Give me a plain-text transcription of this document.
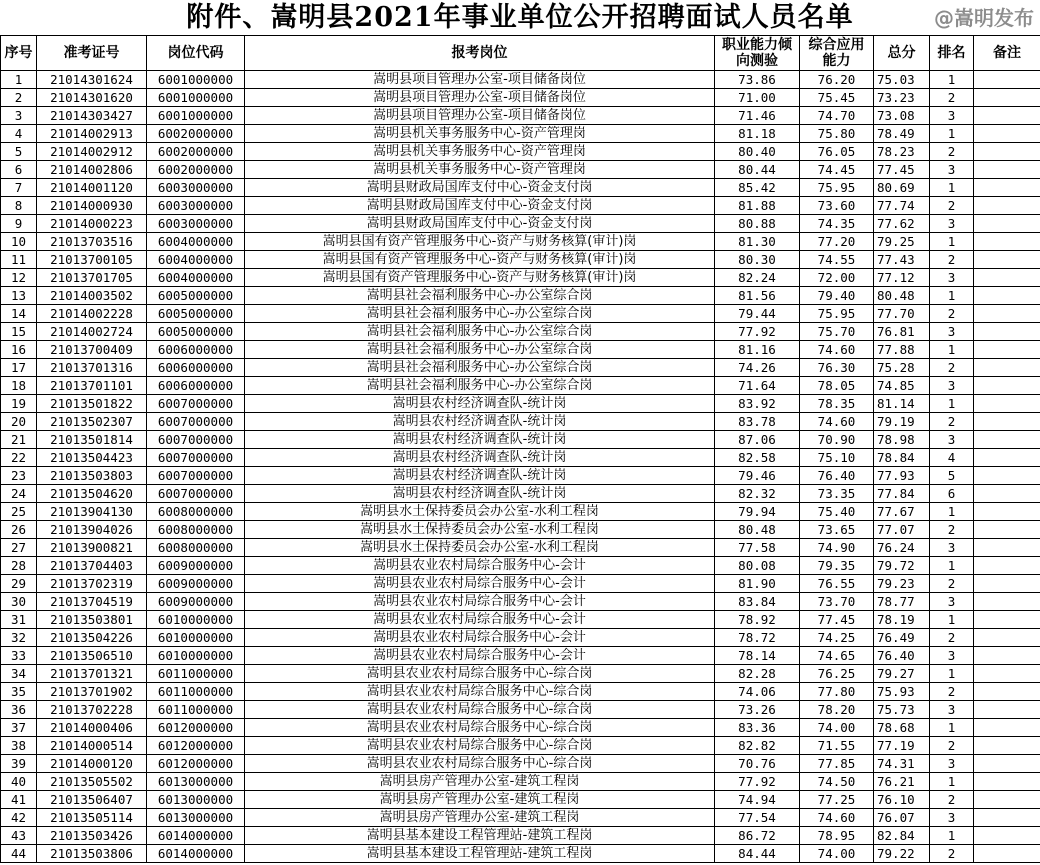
附件、嵩明县2021年事业单位公开招聘面试人员名单
序号	准考证号	岗位代码	报考岗位	职业能力倾向测验	综合应用能力	总分	排名	备注
1	21014301624	6001000000	嵩明县项目管理办公室-项目储备岗位	73.86	76.20	75.03	1	
2	21014301620	6001000000	嵩明县项目管理办公室-项目储备岗位	71.00	75.45	73.23	2	
3	21014303427	6001000000	嵩明县项目管理办公室-项目储备岗位	71.46	74.70	73.08	3	
4	21014002913	6002000000	嵩明县机关事务服务中心-资产管理岗	81.18	75.80	78.49	1	
5	21014002912	6002000000	嵩明县机关事务服务中心-资产管理岗	80.40	76.05	78.23	2	
6	21014002806	6002000000	嵩明县机关事务服务中心-资产管理岗	80.44	74.45	77.45	3	
7	21014001120	6003000000	嵩明县财政局国库支付中心-资金支付岗	85.42	75.95	80.69	1	
8	21014000930	6003000000	嵩明县财政局国库支付中心-资金支付岗	81.88	73.60	77.74	2	
9	21014000223	6003000000	嵩明县财政局国库支付中心-资金支付岗	80.88	74.35	77.62	3	
10	21013703516	6004000000	嵩明县国有资产管理服务中心-资产与财务核算(审计)岗	81.30	77.20	79.25	1	
11	21013700105	6004000000	嵩明县国有资产管理服务中心-资产与财务核算(审计)岗	80.30	74.55	77.43	2	
12	21013701705	6004000000	嵩明县国有资产管理服务中心-资产与财务核算(审计)岗	82.24	72.00	77.12	3	
13	21014003502	6005000000	嵩明县社会福利服务中心-办公室综合岗	81.56	79.40	80.48	1	
14	21014002228	6005000000	嵩明县社会福利服务中心-办公室综合岗	79.44	75.95	77.70	2	
15	21014002724	6005000000	嵩明县社会福利服务中心-办公室综合岗	77.92	75.70	76.81	3	
16	21013700409	6006000000	嵩明县社会福利服务中心-办公室综合岗	81.16	74.60	77.88	1	
17	21013701316	6006000000	嵩明县社会福利服务中心-办公室综合岗	74.26	76.30	75.28	2	
18	21013701101	6006000000	嵩明县社会福利服务中心-办公室综合岗	71.64	78.05	74.85	3	
19	21013501822	6007000000	嵩明县农村经济调查队-统计岗	83.92	78.35	81.14	1	
20	21013502307	6007000000	嵩明县农村经济调查队-统计岗	83.78	74.60	79.19	2	
21	21013501814	6007000000	嵩明县农村经济调查队-统计岗	87.06	70.90	78.98	3	
22	21013504423	6007000000	嵩明县农村经济调查队-统计岗	82.58	75.10	78.84	4	
23	21013503803	6007000000	嵩明县农村经济调查队-统计岗	79.46	76.40	77.93	5	
24	21013504620	6007000000	嵩明县农村经济调查队-统计岗	82.32	73.35	77.84	6	
25	21013904130	6008000000	嵩明县水土保持委员会办公室-水利工程岗	79.94	75.40	77.67	1	
26	21013904026	6008000000	嵩明县水土保持委员会办公室-水利工程岗	80.48	73.65	77.07	2	
27	21013900821	6008000000	嵩明县水土保持委员会办公室-水利工程岗	77.58	74.90	76.24	3	
28	21013704403	6009000000	嵩明县农业农村局综合服务中心-会计	80.08	79.35	79.72	1	
29	21013702319	6009000000	嵩明县农业农村局综合服务中心-会计	81.90	76.55	79.23	2	
30	21013704519	6009000000	嵩明县农业农村局综合服务中心-会计	83.84	73.70	78.77	3	
31	21013503801	6010000000	嵩明县农业农村局综合服务中心-会计	78.92	77.45	78.19	1	
32	21013504226	6010000000	嵩明县农业农村局综合服务中心-会计	78.72	74.25	76.49	2	
33	21013506510	6010000000	嵩明县农业农村局综合服务中心-会计	78.14	74.65	76.40	3	
34	21013701321	6011000000	嵩明县农业农村局综合服务中心-综合岗	82.28	76.25	79.27	1	
35	21013701902	6011000000	嵩明县农业农村局综合服务中心-综合岗	74.06	77.80	75.93	2	
36	21013702228	6011000000	嵩明县农业农村局综合服务中心-综合岗	73.26	78.20	75.73	3	
37	21014000406	6012000000	嵩明县农业农村局综合服务中心-综合岗	83.36	74.00	78.68	1	
38	21014000514	6012000000	嵩明县农业农村局综合服务中心-综合岗	82.82	71.55	77.19	2	
39	21014000120	6012000000	嵩明县农业农村局综合服务中心-综合岗	70.76	77.85	74.31	3	
40	21013505502	6013000000	嵩明县房产管理办公室-建筑工程岗	77.92	74.50	76.21	1	
41	21013506407	6013000000	嵩明县房产管理办公室-建筑工程岗	74.94	77.25	76.10	2	
42	21013505114	6013000000	嵩明县房产管理办公室-建筑工程岗	77.54	74.60	76.07	3	
43	21013503426	6014000000	嵩明县基本建设工程管理站-建筑工程岗	86.72	78.95	82.84	1	
44	21013503806	6014000000	嵩明县基本建设工程管理站-建筑工程岗	84.44	74.00	79.22	2	
@嵩明发布
